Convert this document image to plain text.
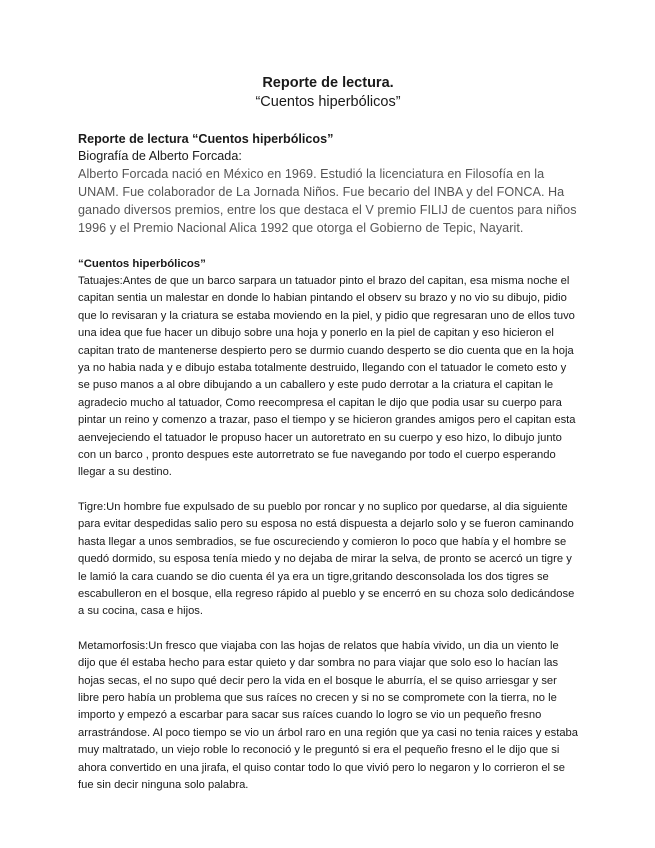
Reporte de lectura.

“Cuentos hiperbólicos”

Reporte de lectura “Cuentos hiperbólicos”

Biografía de Alberto Forcada:

Alberto Forcada nació en México en 1969. Estudió la licenciatura en Filosofía en la UNAM. Fue colaborador de La Jornada Niños. Fue becario del INBA y del FONCA. Ha ganado diversos premios, entre los que destaca el V premio FILIJ de cuentos para niños 1996 y el Premio Nacional Alica 1992 que otorga el Gobierno de Tepic, Nayarit.

“Cuentos hiperbólicos”

Tatuajes:Antes de que un barco sarpara un tatuador pinto el brazo del capitan, esa misma noche el capitan sentia un malestar en donde lo habian pintando el observ su brazo y no vio su dibujo, pidio que lo revisaran y la criatura se estaba moviendo en la piel, y pidio que regresaran uno de ellos tuvo una idea que fue hacer un dibujo sobre una hoja y ponerlo en la piel de capitan y eso hicieron el capitan trato de mantenerse despierto pero se durmio cuando desperto se dio cuenta que en la hoja ya no habia nada y e dibujo estaba totalmente destruido, llegando con el tatuador le cometo esto y se puso manos a al obre dibujando a un caballero y este pudo derrotar a la criatura el capitan le agradecio mucho al tatuador, Como reecompresa el capitan le dijo que podia usar su cuerpo para pintar un reino y comenzo a trazar, paso el tiempo y se hicieron grandes amigos pero el capitan esta aenvejeciendo el tatuador le propuso hacer un autoretrato en su cuerpo y eso hizo, lo dibujo junto con un barco , pronto despues este autorretrato se fue navegando por todo el cuerpo esperando llegar a su destino.

Tigre:Un hombre fue expulsado de su pueblo por roncar y no suplico por quedarse, al dia siguiente para evitar despedidas salio pero su esposa no está dispuesta a dejarlo solo y se fueron caminando hasta llegar a unos sembradios, se fue oscureciendo y comieron lo poco que había y el hombre se quedó dormido, su esposa tenía miedo y no dejaba de mirar la selva, de pronto se acercó un tigre y le lamió la cara cuando se dio cuenta él ya era un tigre,gritando desconsolada los dos tigres se escabulleron en el bosque, ella regreso rápido al pueblo y se encerró en su choza solo dedicándose a su cocina, casa e hijos.

Metamorfosis:Un fresco que viajaba con las hojas de relatos que había vivido, un dia un viento le dijo que él estaba hecho para estar quieto y dar sombra no para viajar que solo eso lo hacían las hojas secas, el no supo qué decir pero la vida en el bosque le aburría, el se quiso arriesgar y ser libre pero había un problema que sus raíces no crecen y si no se compromete con la tierra, no le importo y empezó a escarbar para sacar sus raíces cuando lo logro se vio un pequeño fresno arrastrándose. Al poco tiempo se vio un árbol raro en una región que ya casi no tenia raices y estaba muy maltratado, un viejo roble lo reconoció y le preguntó si era el pequeño fresno el le dijo que si ahora convertido en una jirafa, el quiso contar todo lo que vivió pero lo negaron y lo corrieron el se fue sin decir ninguna solo palabra.
